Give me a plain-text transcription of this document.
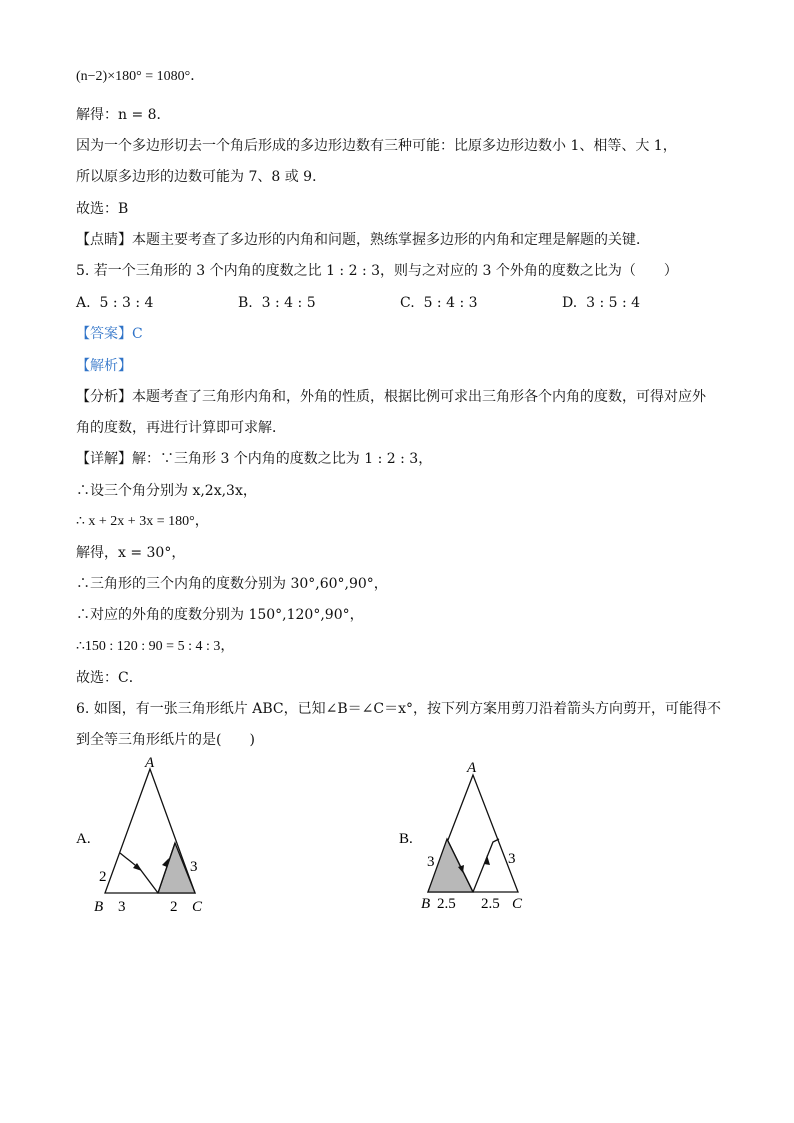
(n−2)×180° = 1080°．
解得：n = 8．
因为一个多边形切去一个角后形成的多边形边数有三种可能：比原多边形边数小 1、相等、大 1，
所以原多边形的边数可能为 7、8 或 9．
故选：B
【点睛】本题主要考查了多边形的内角和问题，熟练掌握多边形的内角和定理是解题的关键．
5. 若一个三角形的 3 个内角的度数之比 1 : 2 : 3，则与之对应的 3 个外角的度数之比为（　　）
A. 5 : 3 : 4	B. 3 : 4 : 5	C. 5 : 4 : 3	D. 3 : 5 : 4
【答案】C
【解析】
【分析】本题考查了三角形内角和，外角的性质，根据比例可求出三角形各个内角的度数，可得对应外
角的度数，再进行计算即可求解．
【详解】解：∵三角形 3 个内角的度数之比为 1 : 2 : 3，
∴设三个角分别为 x,2x,3x，
∴ x + 2x + 3x = 180°，
解得，x = 30°，
∴三角形的三个内角的度数分别为 30°,60°,90°，
∴对应的外角的度数分别为 150°,120°,90°，
∴150 : 120 : 90 = 5 : 4 : 3，
故选：C．
6. 如图，有一张三角形纸片 ABC，已知∠B＝∠C＝x°，按下列方案用剪刀沿着箭头方向剪开，可能得不
到全等三角形纸片的是(　　)
A.
A
B	C
2
3	2
3
B.
A
B	C
3
2.5 2.5
3
